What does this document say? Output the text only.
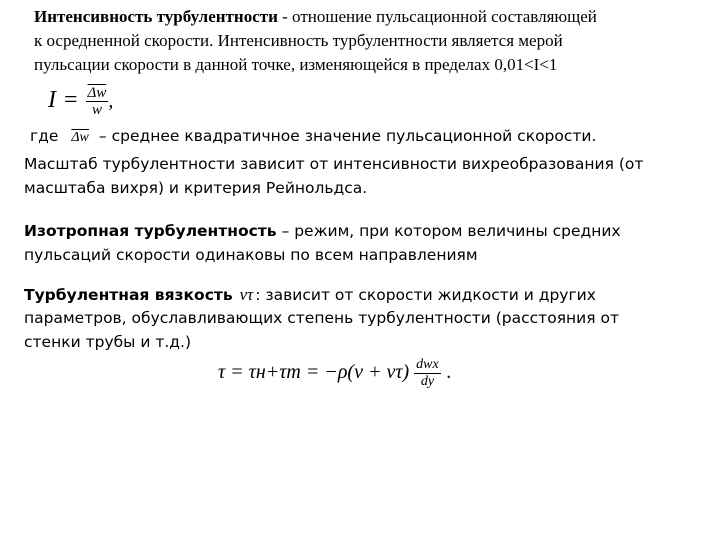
Интенсивность турбулентности - отношение пульсационной составляющей
к осредненной скорости. Интенсивность турбулентности является мерой
пульсации скорости в данной точке, изменяющейся в пределах 0,01<I<1
$I = \frac{\overline{\Delta w}}{w}$ ,
где $\overline{\Delta w}$ – среднее квадратичное значение пульсационной скорости.
Масштаб турбулентности зависит от интенсивности вихреобразования (от
масштаба вихря) и критерия Рейнольдса.
Изотропная турбулентность – режим, при котором величины средних
пульсаций скорости одинаковы по всем направлениям
Турбулентная вязкость ντ : зависит от скорости жидкости и других
параметров, обуславливающих степень турбулентности (расстояния от
стенки трубы и т.д.)
$\tau = \tau н+\tau т = -\rho(\nu + \nu\tau) \frac{\text{dwx}}{dy}$ .
